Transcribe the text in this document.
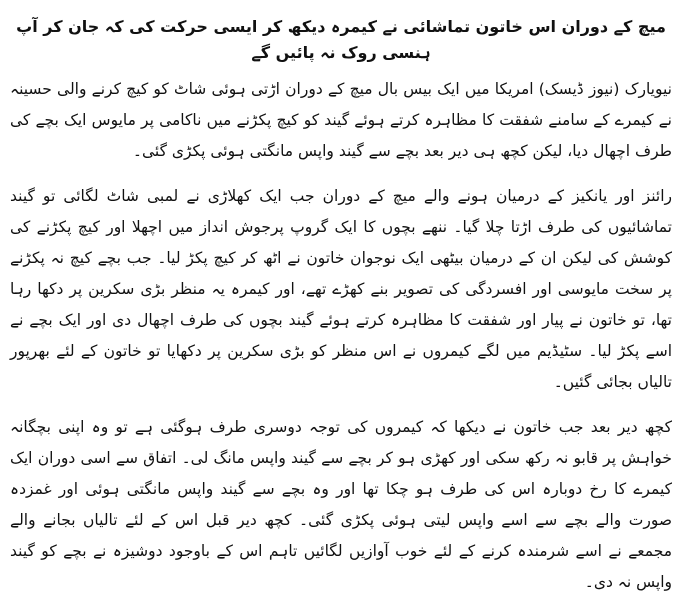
میچ کے دوران اس خاتون تماشائی نے کیمرہ دیکھ کر ایسی حرکت کی کہ جان کر آپ ہنسی روک نہ پائیں گے

نیویارک (نیوز ڈیسک) امریکا میں ایک بیس بال میچ کے دوران اڑتی ہوئی شاٹ کو کیچ کرنے والی حسینہ نے کیمرے کے سامنے شفقت کا مظاہرہ کرتے ہوئے گیند کو کیچ پکڑنے میں ناکامی پر مایوس ایک بچے کی طرف اچھال دیا، لیکن کچھ ہی دیر بعد بچے سے گیند واپس مانگتی ہوئی پکڑی گئی۔

رائنز اور یانکیز کے درمیان ہونے والے میچ کے دوران جب ایک کھلاڑی نے لمبی شاٹ لگائی تو گیند تماشائیوں کی طرف اڑتا چلا گیا۔ ننھے بچوں کا ایک گروپ پرجوش انداز میں اچھلا اور کیچ پکڑنے کی کوشش کی لیکن ان کے درمیان بیٹھی ایک نوجوان خاتون نے اٹھ کر کیچ پکڑ لیا۔ جب بچے کیچ نہ پکڑنے پر سخت مایوسی اور افسردگی کی تصویر بنے کھڑے تھے، اور کیمرہ یہ منظر بڑی سکرین پر دکھا رہا تھا، تو خاتون نے پیار اور شفقت کا مظاہرہ کرتے ہوئے گیند بچوں کی طرف اچھال دی اور ایک بچے نے اسے پکڑ لیا۔ سٹیڈیم میں لگے کیمروں نے اس منظر کو بڑی سکرین پر دکھایا تو خاتون کے لئے بھرپور تالیاں بجائی گئیں۔

کچھ دیر بعد جب خاتون نے دیکھا کہ کیمروں کی توجہ دوسری طرف ہوگئی ہے تو وہ اپنی بچگانہ خواہش پر قابو نہ رکھ سکی اور کھڑی ہو کر بچے سے گیند واپس مانگ لی۔ اتفاق سے اسی دوران ایک کیمرے کا رخ دوبارہ اس کی طرف ہو چکا تھا اور وہ بچے سے گیند واپس مانگتی ہوئی اور غمزدہ صورت والے بچے سے اسے واپس لیتی ہوئی پکڑی گئی۔ کچھ دیر قبل اس کے لئے تالیاں بجانے والے مجمعے نے اسے شرمندہ کرنے کے لئے خوب آوازیں لگائیں تاہم اس کے باوجود دوشیزہ نے بچے کو گیند واپس نہ دی۔
